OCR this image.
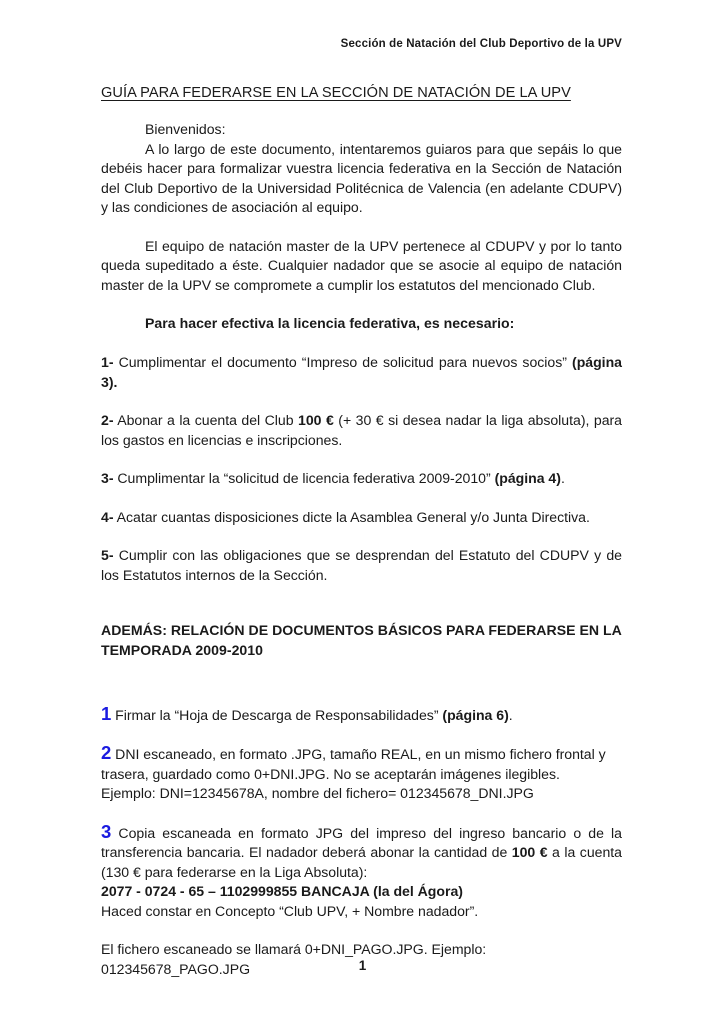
Sección de Natación del Club Deportivo de la UPV
GUÍA PARA FEDERARSE EN LA SECCIÓN DE NATACIÓN DE LA UPV

Bienvenidos:

A lo largo de este documento, intentaremos guiaros para que sepáis lo que debéis hacer para formalizar vuestra licencia federativa en la Sección de Natación del Club Deportivo de la Universidad Politécnica de Valencia (en adelante CDUPV) y las condiciones de asociación al equipo.

El equipo de natación master de la UPV pertenece al CDUPV y por lo tanto queda supeditado a éste. Cualquier nadador que se asocie al equipo de natación master de la UPV se compromete a cumplir los estatutos del mencionado Club.

Para hacer efectiva la licencia federativa, es necesario:

1- Cumplimentar el documento “Impreso de solicitud para nuevos socios” (página 3).

2- Abonar a la cuenta del Club 100 € (+ 30 € si desea nadar la liga absoluta), para los gastos en licencias e inscripciones.

3- Cumplimentar la “solicitud de licencia federativa 2009-2010” (página 4).

4- Acatar cuantas disposiciones dicte la Asamblea General y/o Junta Directiva.

5- Cumplir con las obligaciones que se desprendan del Estatuto del CDUPV y de los Estatutos internos de la Sección.

ADEMÁS: RELACIÓN DE DOCUMENTOS BÁSICOS PARA FEDERARSE EN LA TEMPORADA 2009-2010

1 Firmar la “Hoja de Descarga de Responsabilidades” (página 6).

2 DNI escaneado, en formato .JPG, tamaño REAL, en un mismo fichero frontal y trasera, guardado como 0+DNI.JPG. No se aceptarán imágenes ilegibles.
Ejemplo: DNI=12345678A, nombre del fichero= 012345678_DNI.JPG

3 Copia escaneada en formato JPG del impreso del ingreso bancario o de la transferencia bancaria. El nadador deberá abonar la cantidad de 100 € a la cuenta (130 € para federarse en la Liga Absoluta):

2077 - 0724 - 65 – 1102999855 BANCAJA (la del Ágora)

Haced constar en Concepto “Club UPV, + Nombre nadador”.

El fichero escaneado se llamará 0+DNI_PAGO.JPG. Ejemplo:
012345678_PAGO.JPG	1
